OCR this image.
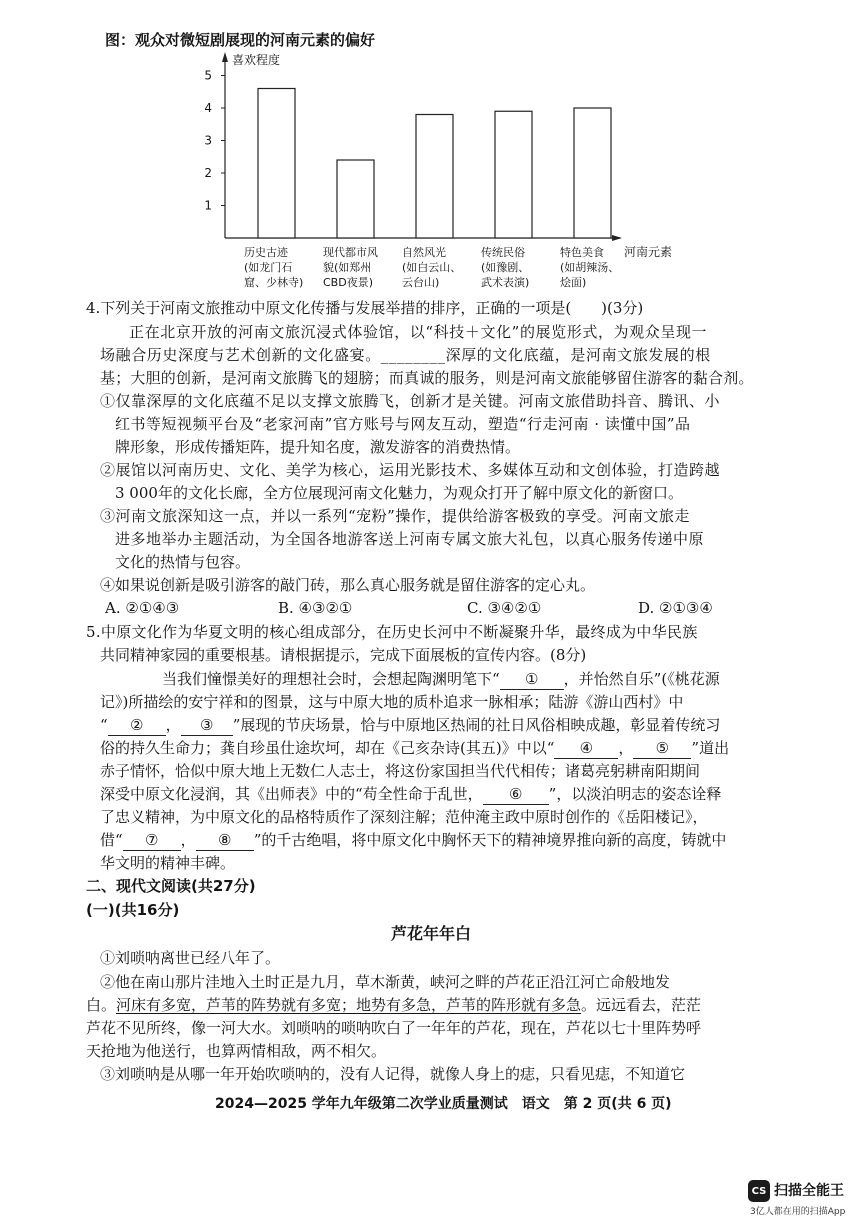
图：观众对微短剧展现的河南元素的偏好
喜欢程度
河南元素
1
2
3
4
5
历史古迹
(如龙门石
窟、少林寺)
现代都市风
貌(如郑州
CBD夜景)
自然风光
(如白云山、
云台山)
传统民俗
(如豫剧、
武术表演)
特色美食
(如胡辣汤、
烩面)
4.下列关于河南文旅推动中原文化传播与发展举措的排序，正确的一项是(　　)(3分)
正在北京开放的河南文旅沉浸式体验馆，以“科技＋文化”的展览形式，为观众呈现一
场融合历史深度与艺术创新的文化盛宴。________深厚的文化底蕴，是河南文旅发展的根
基；大胆的创新，是河南文旅腾飞的翅膀；而真诚的服务，则是河南文旅能够留住游客的黏合剂。
①仅靠深厚的文化底蕴不足以支撑文旅腾飞，创新才是关键。河南文旅借助抖音、腾讯、小
红书等短视频平台及“老家河南”官方账号与网友互动，塑造“行走河南 · 读懂中国”品
牌形象，形成传播矩阵，提升知名度，激发游客的消费热情。
②展馆以河南历史、文化、美学为核心，运用光影技术、多媒体互动和文创体验，打造跨越
3 000年的文化长廊，全方位展现河南文化魅力，为观众打开了解中原文化的新窗口。
③河南文旅深知这一点，并以一系列“宠粉”操作，提供给游客极致的享受。河南文旅走
进多地举办主题活动，为全国各地游客送上河南专属文旅大礼包，以真心服务传递中原
文化的热情与包容。
④如果说创新是吸引游客的敲门砖，那么真心服务就是留住游客的定心丸。
A. ②①④③	B. ④③②①	C. ③④②①	D. ②①③④
5.中原文化作为华夏文明的核心组成部分，在历史长河中不断凝聚升华，最终成为中华民族
共同精神家园的重要根基。请根据提示，完成下面展板的宣传内容。(8分)
当我们憧憬美好的理想社会时，会想起陶渊明笔下“ ① ，并怡然自乐”(《桃花源
记》)所描绘的安宁祥和的图景，这与中原大地的质朴追求一脉相承；陆游《游山西村》中
“ ② ， ③ ”展现的节庆场景，恰与中原地区热闹的社日风俗相映成趣，彰显着传统习
俗的持久生命力；龚自珍虽仕途坎坷，却在《己亥杂诗(其五)》中以“ ④ ， ⑤ ”道出
赤子情怀，恰似中原大地上无数仁人志士，将这份家国担当代代相传；诸葛亮躬耕南阳期间
深受中原文化浸润，其《出师表》中的“苟全性命于乱世， ⑥ ”，以淡泊明志的姿态诠释
了忠义精神，为中原文化的品格特质作了深刻注解；范仲淹主政中原时创作的《岳阳楼记》，
借“ ⑦ ， ⑧ ”的千古绝唱，将中原文化中胸怀天下的精神境界推向新的高度，铸就中
华文明的精神丰碑。
二、现代文阅读(共27分)
(一)(共16分)
芦花年年白
①刘唢呐离世已经八年了。
②他在南山那片洼地入土时正是九月，草木渐黄，峡河之畔的芦花正沿江河亡命般地发
白。河床有多宽，芦苇的阵势就有多宽；地势有多急，芦苇的阵形就有多急。远远看去，茫茫
芦花不见所终，像一河大水。刘唢呐的唢呐吹白了一年年的芦花，现在，芦花以七十里阵势呼
天抢地为他送行，也算两情相敌，两不相欠。
③刘唢呐是从哪一年开始吹唢呐的，没有人记得，就像人身上的痣，只看见痣，不知道它
2024—2025 学年九年级第二次学业质量测试　语文　第 2 页(共 6 页)
CS 扫描全能王
3亿人都在用的扫描App
